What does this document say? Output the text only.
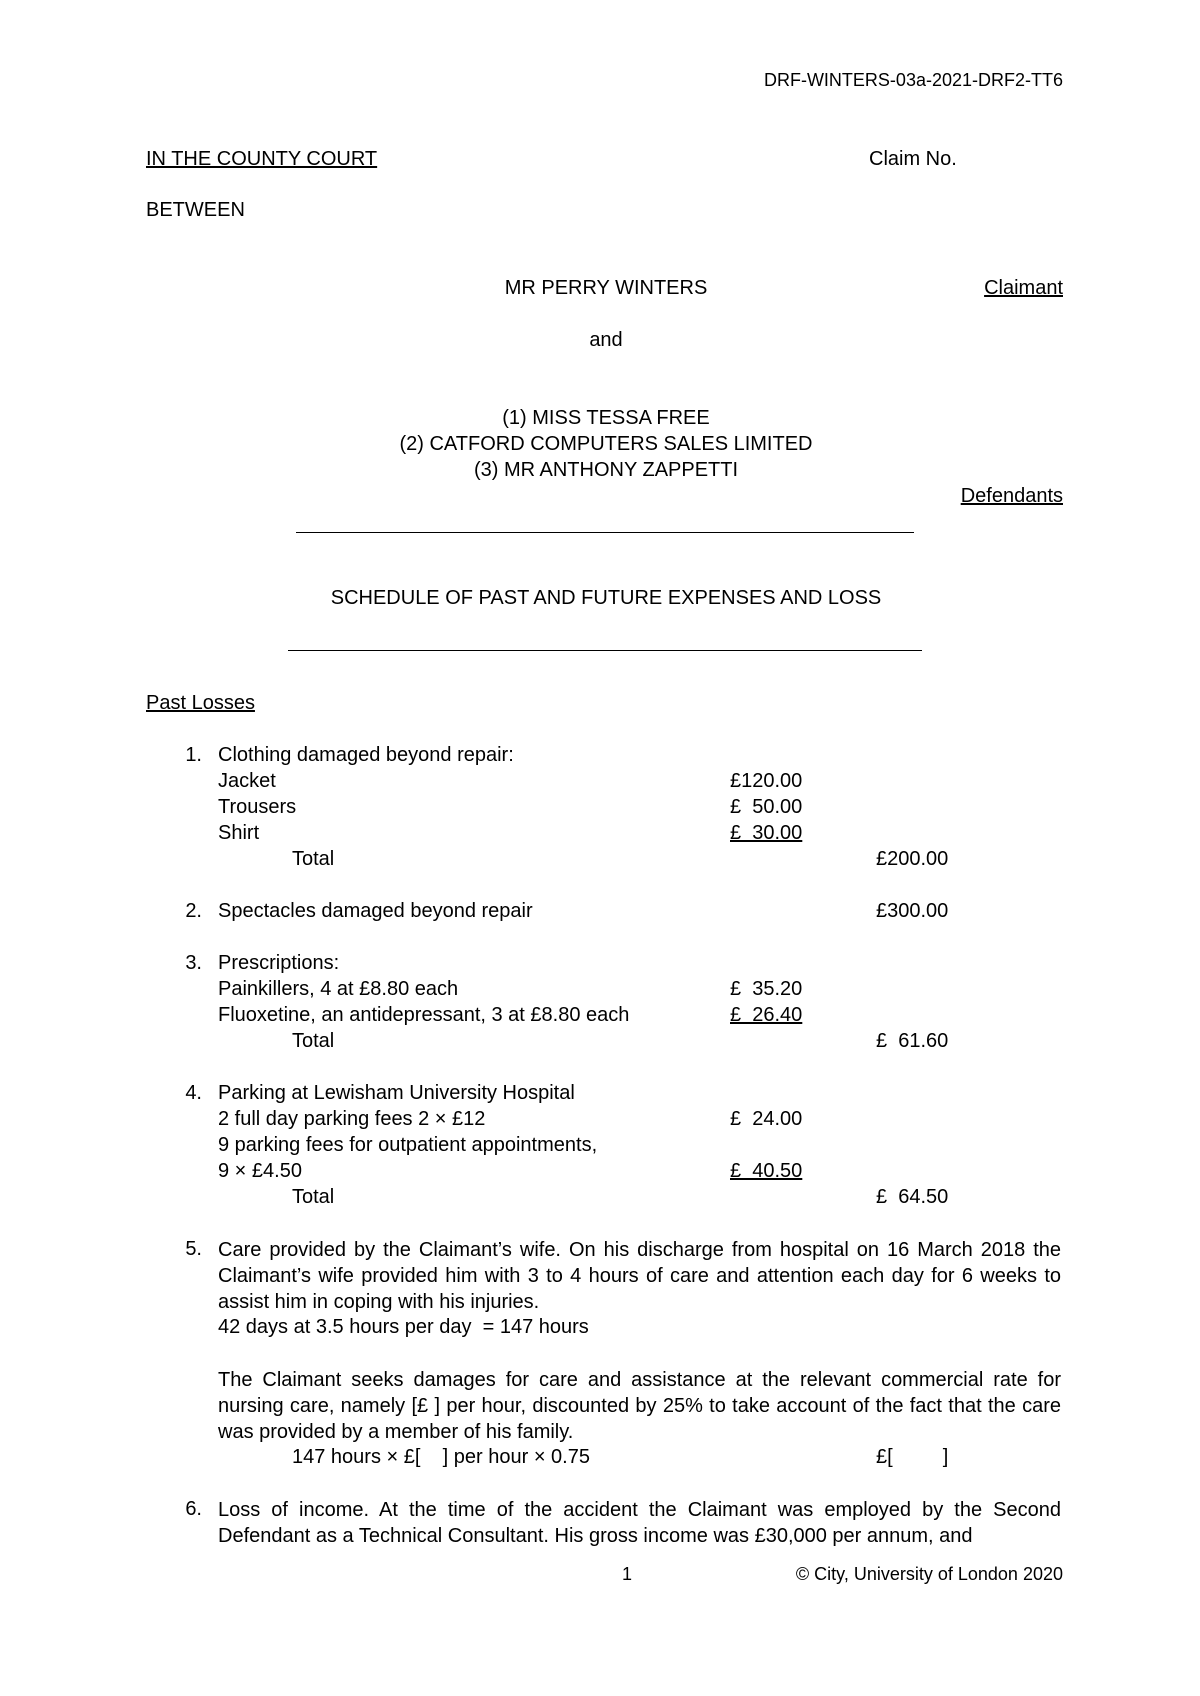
DRF-WINTERS-03a-2021-DRF2-TT6
IN THE COUNTY COURT	Claim No.
BETWEEN
MR PERRY WINTERS	Claimant
and
(1) MISS TESSA FREE
(2) CATFORD COMPUTERS SALES LIMITED
(3) MR ANTHONY ZAPPETTI
Defendants
SCHEDULE OF PAST AND FUTURE EXPENSES AND LOSS
Past Losses
1. Clothing damaged beyond repair:
Jacket	£120.00
Trousers	£  50.00
Shirt	£  30.00
Total	£200.00
2. Spectacles damaged beyond repair	£300.00
3. Prescriptions:
Painkillers, 4 at £8.80 each	£  35.20
Fluoxetine, an antidepressant, 3 at £8.80 each	£  26.40
Total	£  61.60
4. Parking at Lewisham University Hospital
2 full day parking fees 2 × £12	£  24.00
9 parking fees for outpatient appointments,
9 × £4.50	£  40.50
Total	£  64.50
5. Care provided by the Claimant’s wife. On his discharge from hospital on 16 March 2018 the Claimant’s wife provided him with 3 to 4 hours of care and attention each day for 6 weeks to assist him in coping with his injuries.
42 days at 3.5 hours per day  = 147 hours
The Claimant seeks damages for care and assistance at the relevant commercial rate for nursing care, namely [£ ] per hour, discounted by 25% to take account of the fact that the care was provided by a member of his family.
147 hours × £[    ] per hour × 0.75	£[         ]
6. Loss of income. At the time of the accident the Claimant was employed by the Second Defendant as a Technical Consultant. His gross income was £30,000 per annum, and
1	© City, University of London 2020
